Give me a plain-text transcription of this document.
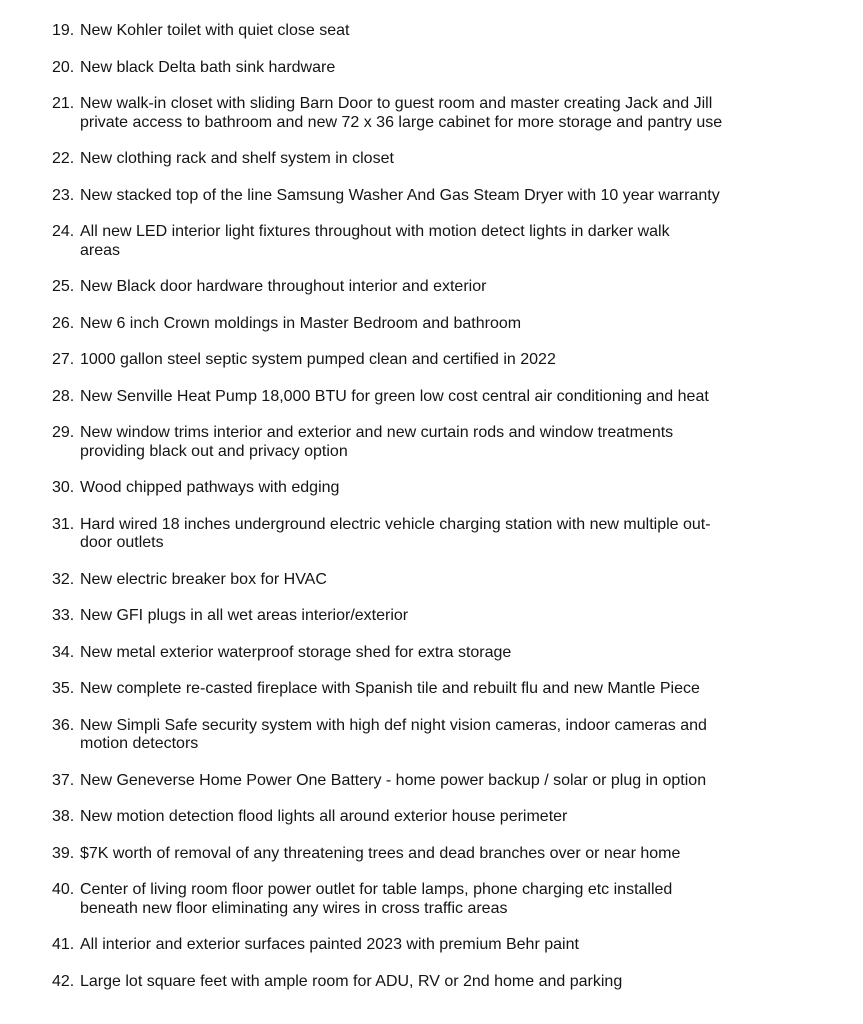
19. New Kohler toilet with quiet close seat
20. New black Delta bath sink hardware
21. New walk-in closet with sliding Barn Door to guest room and master creating Jack and Jill
private access to bathroom and new 72 x 36 large cabinet for more storage and pantry use
22. New clothing rack and shelf system in closet
23. New stacked top of the line Samsung Washer And Gas Steam Dryer with 10 year warranty
24. All new LED interior light fixtures throughout with motion detect lights in darker walk
areas
25. New Black door hardware throughout interior and exterior
26. New 6 inch Crown moldings in Master Bedroom and bathroom
27. 1000 gallon steel septic system pumped clean and certified in 2022
28. New Senville Heat Pump 18,000 BTU for green low cost central air conditioning and heat
29. New window trims interior and exterior and new curtain rods and window treatments
providing black out and privacy option
30. Wood chipped pathways with edging
31. Hard wired 18 inches underground electric vehicle charging station with new multiple out-
door outlets
32. New electric breaker box for HVAC
33. New GFI plugs in all wet areas interior/exterior
34. New metal exterior waterproof storage shed for extra storage
35. New complete re-casted fireplace with Spanish tile and rebuilt flu and new Mantle Piece
36. New Simpli Safe security system with high def night vision cameras, indoor cameras and
motion detectors
37. New Geneverse Home Power One Battery - home power backup / solar or plug in option
38. New motion detection flood lights all around exterior house perimeter
39. $7K worth of removal of any threatening trees and dead branches over or near home
40. Center of living room floor power outlet for table lamps, phone charging etc installed
beneath new floor eliminating any wires in cross traffic areas
41. All interior and exterior surfaces painted 2023 with premium Behr paint
42. Large lot square feet with ample room for ADU, RV or 2nd home and parking
